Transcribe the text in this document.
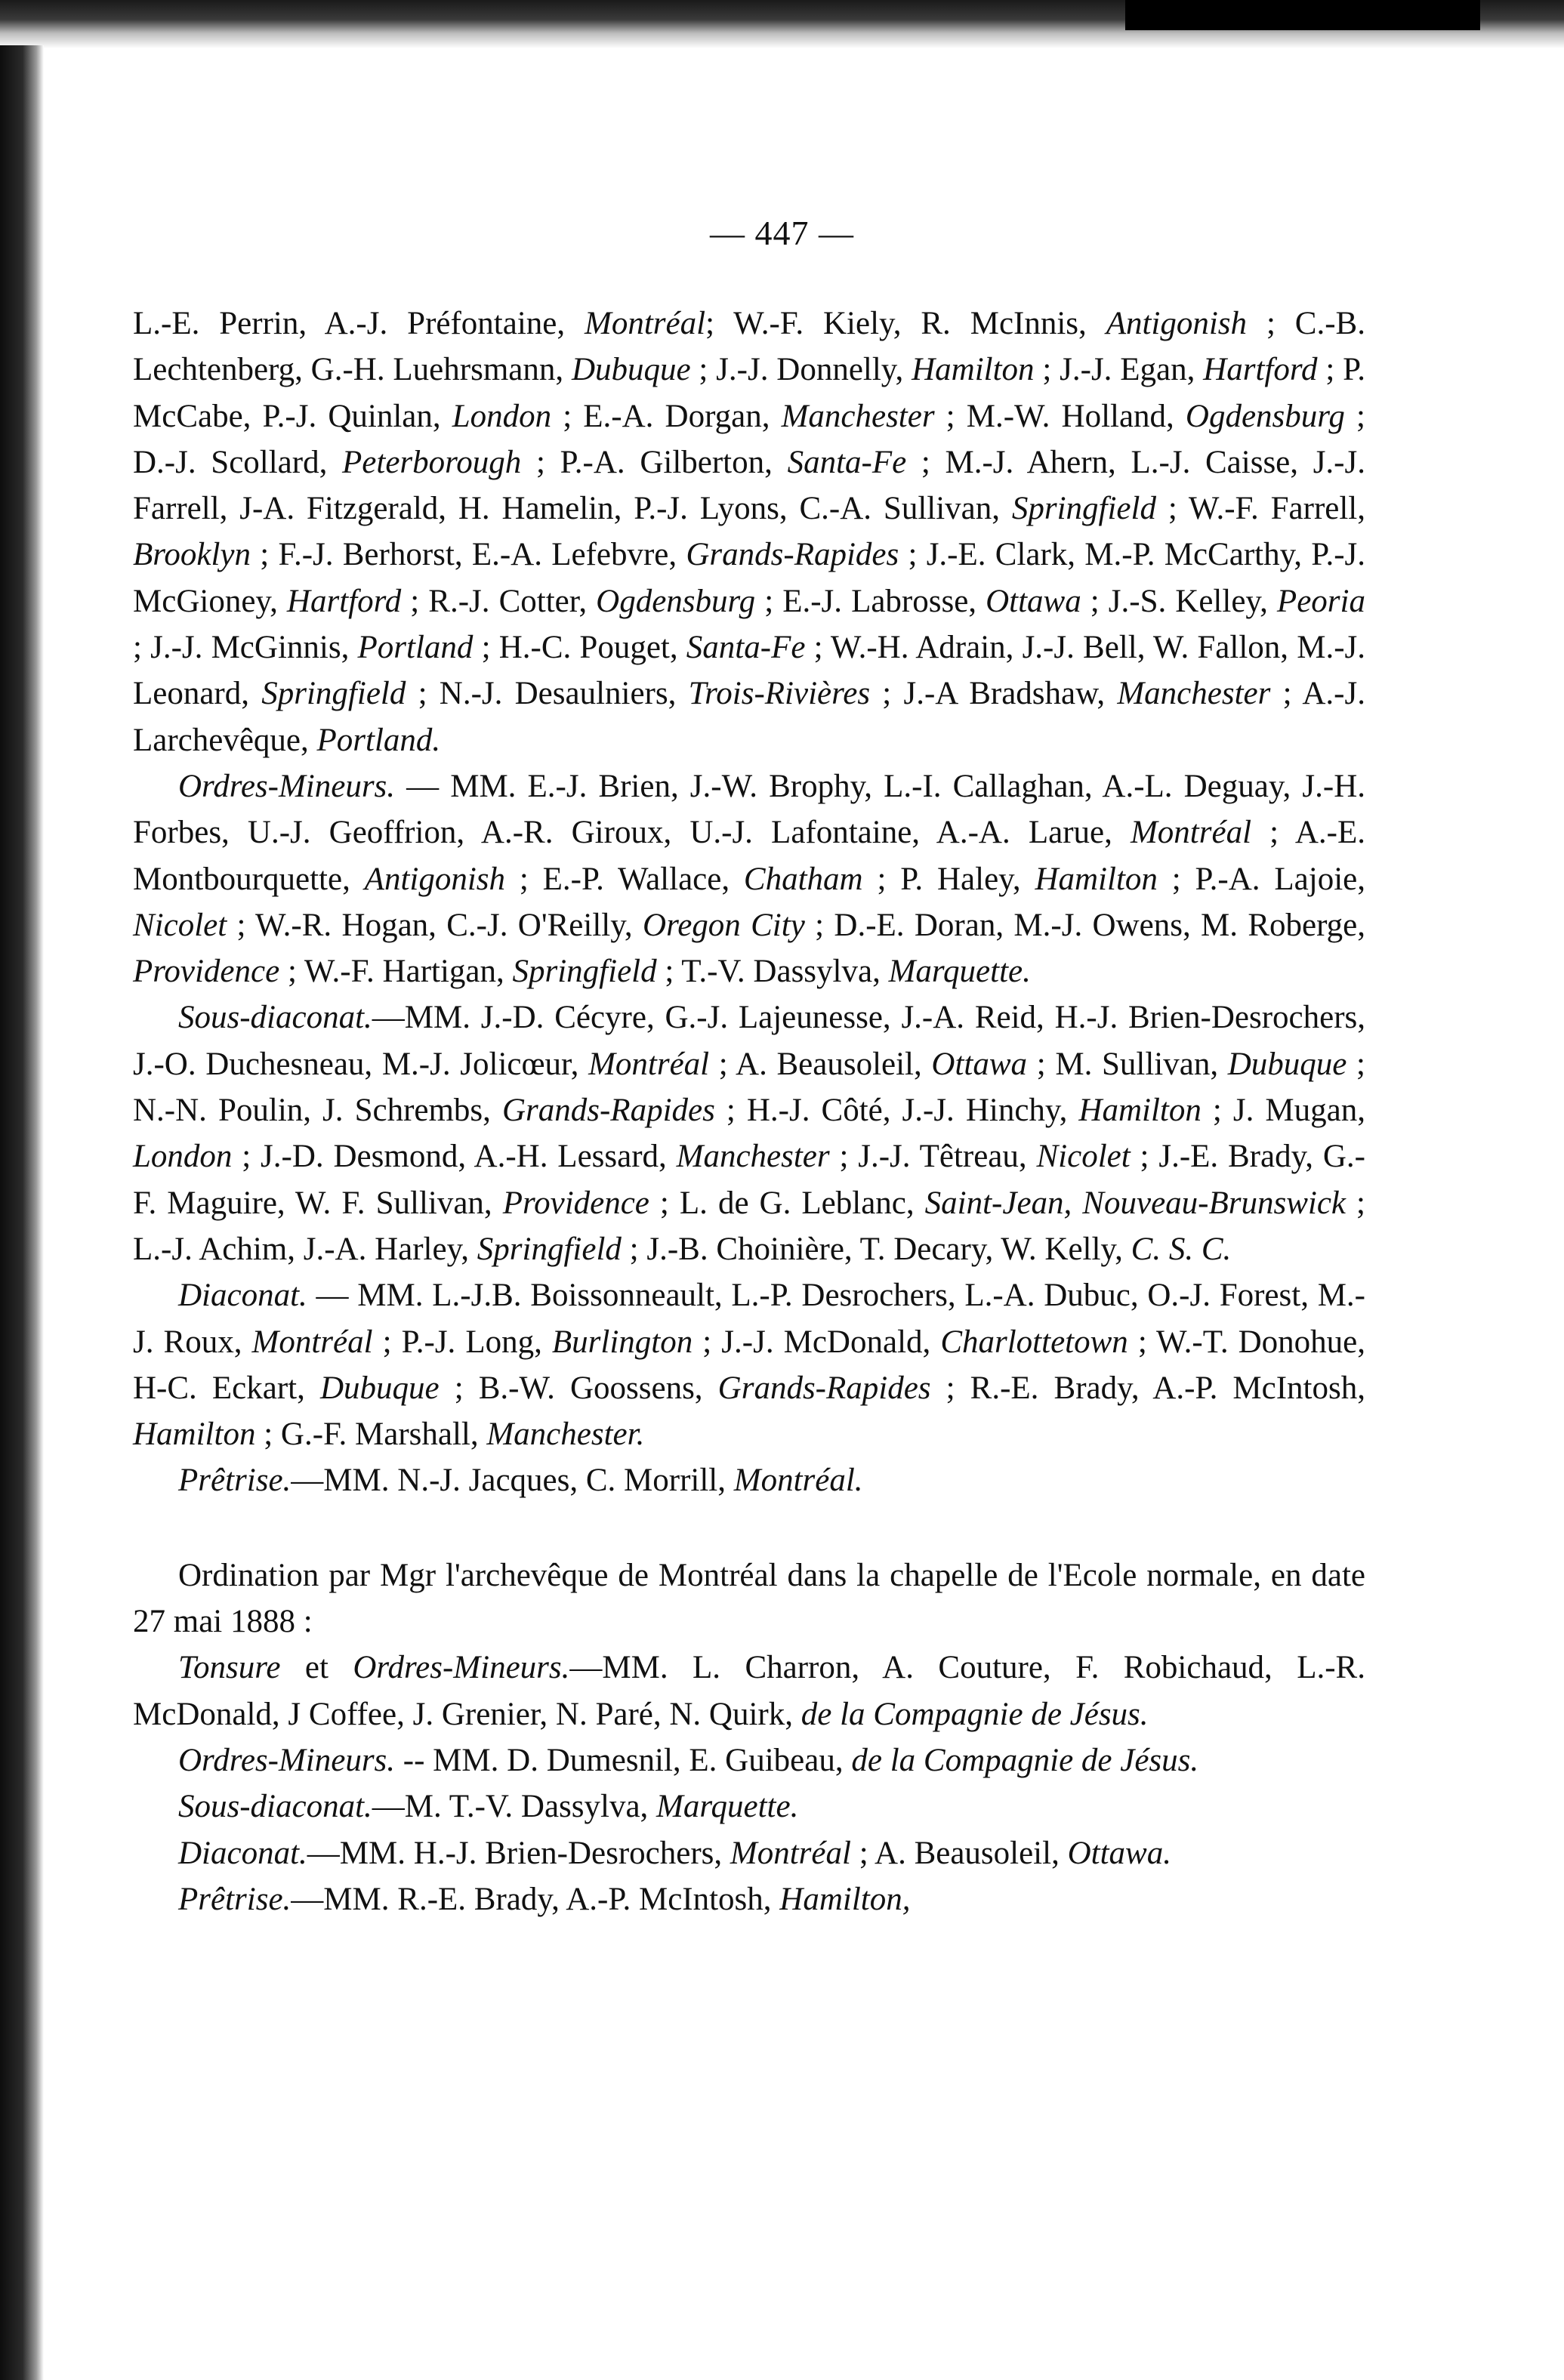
— 447 —

L.-E. Perrin, A.-J. Préfontaine, Montréal; W.-F. Kiely, R. McInnis, Antigonish ; C.-B. Lechtenberg, G.-H. Luehrsmann, Dubuque ; J.-J. Donnelly, Hamilton ; J.-J. Egan, Hartford ; P. McCabe, P.-J. Quinlan, London ; E.-A. Dorgan, Manchester ; M.-W. Holland, Ogdensburg ; D.-J. Scollard, Peterborough ; P.-A. Gilberton, Santa-Fe ; M.-J. Ahern, L.-J. Caisse, J.-J. Farrell, J-A. Fitzgerald, H. Hamelin, P.-J. Lyons, C.-A. Sullivan, Springfield ; W.-F. Farrell, Brooklyn ; F.-J. Berhorst, E.-A. Lefebvre, Grands-Rapides ; J.-E. Clark, M.-P. McCarthy, P.-J. McGioney, Hartford ; R.-J. Cotter, Ogdensburg ; E.-J. Labrosse, Ottawa ; J.-S. Kelley, Peoria ; J.-J. McGinnis, Portland ; H.-C. Pouget, Santa-Fe ; W.-H. Adrain, J.-J. Bell, W. Fallon, M.-J. Leonard, Springfield ; N.-J. Desaulniers, Trois-Rivières ; J.-A Bradshaw, Manchester ; A.-J. Larchevêque, Portland.

Ordres-Mineurs. — MM. E.-J. Brien, J.-W. Brophy, L.-I. Callaghan, A.-L. Deguay, J.-H. Forbes, U.-J. Geoffrion, A.-R. Giroux, U.-J. Lafontaine, A.-A. Larue, Montréal ; A.-E. Montbourquette, Antigonish ; E.-P. Wallace, Chatham ; P. Haley, Hamilton ; P.-A. Lajoie, Nicolet ; W.-R. Hogan, C.-J. O'Reilly, Oregon City ; D.-E. Doran, M.-J. Owens, M. Roberge, Providence ; W.-F. Hartigan, Springfield ; T.-V. Dassylva, Marquette.

Sous-diaconat.—MM. J.-D. Cécyre, G.-J. Lajeunesse, J.-A. Reid, H.-J. Brien-Desrochers, J.-O. Duchesneau, M.-J. Jolicœur, Montréal ; A. Beausoleil, Ottawa ; M. Sullivan, Dubuque ; N.-N. Poulin, J. Schrembs, Grands-Rapides ; H.-J. Côté, J.-J. Hinchy, Hamilton ; J. Mugan, London ; J.-D. Desmond, A.-H. Lessard, Manchester ; J.-J. Têtreau, Nicolet ; J.-E. Brady, G.-F. Maguire, W. F. Sullivan, Providence ; L. de G. Leblanc, Saint-Jean, Nouveau-Brunswick ; L.-J. Achim, J.-A. Harley, Springfield ; J.-B. Choinière, T. Decary, W. Kelly, C. S. C.

Diaconat. — MM. L.-J.B. Boissonneault, L.-P. Desrochers, L.-A. Dubuc, O.-J. Forest, M.-J. Roux, Montréal ; P.-J. Long, Burlington ; J.-J. McDonald, Charlottetown ; W.-T. Donohue, H-C. Eckart, Dubuque ; B.-W. Goossens, Grands-Rapides ; R.-E. Brady, A.-P. McIntosh, Hamilton ; G.-F. Marshall, Manchester.

Prêtrise.—MM. N.-J. Jacques, C. Morrill, Montréal.

Ordination par Mgr l'archevêque de Montréal dans la chapelle de l'Ecole normale, en date 27 mai 1888 :

Tonsure et Ordres-Mineurs.—MM. L. Charron, A. Couture, F. Robichaud, L.-R. McDonald, J Coffee, J. Grenier, N. Paré, N. Quirk, de la Compagnie de Jésus.

Ordres-Mineurs. -- MM. D. Dumesnil, E. Guibeau, de la Compagnie de Jésus.

Sous-diaconat.—M. T.-V. Dassylva, Marquette.

Diaconat.—MM. H.-J. Brien-Desrochers, Montréal ; A. Beausoleil, Ottawa.

Prêtrise.—MM. R.-E. Brady, A.-P. McIntosh, Hamilton,
